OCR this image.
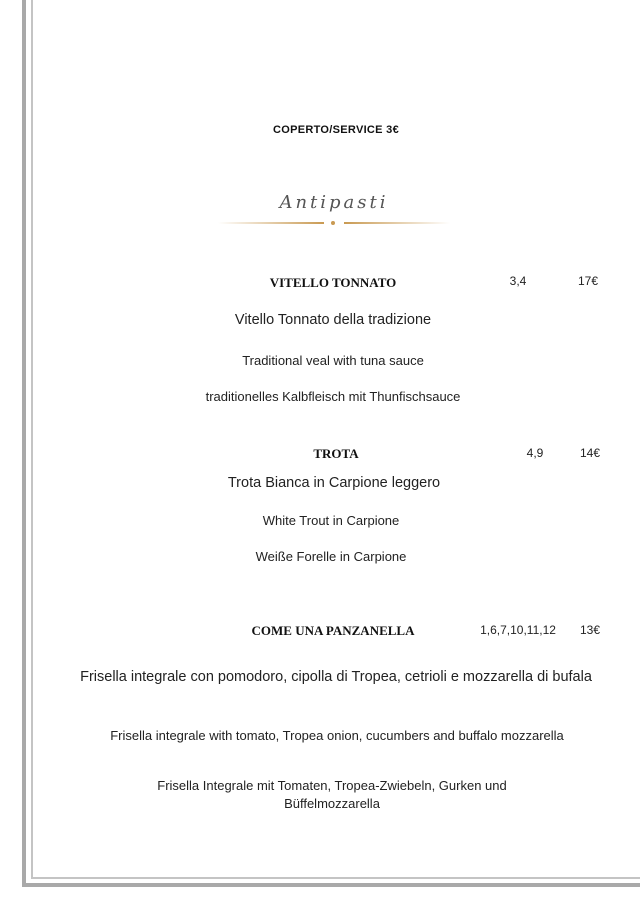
COPERTO/SERVICE 3€
Antipasti
VITELLO TONNATO	3,4	17€
Vitello Tonnato della tradizione
Traditional veal with tuna sauce
traditionelles Kalbfleisch mit Thunfischsauce
TROTA	4,9	14€
Trota Bianca in Carpione leggero
White Trout in Carpione
Weiße Forelle in Carpione
COME UNA PANZANELLA	1,6,7,10,11,12	13€
Frisella integrale con pomodoro, cipolla di Tropea, cetrioli e mozzarella di bufala
Frisella integrale with tomato, Tropea onion, cucumbers and buffalo mozzarella
Frisella Integrale mit Tomaten, Tropea-Zwiebeln, Gurken und Büffelmozzarella
